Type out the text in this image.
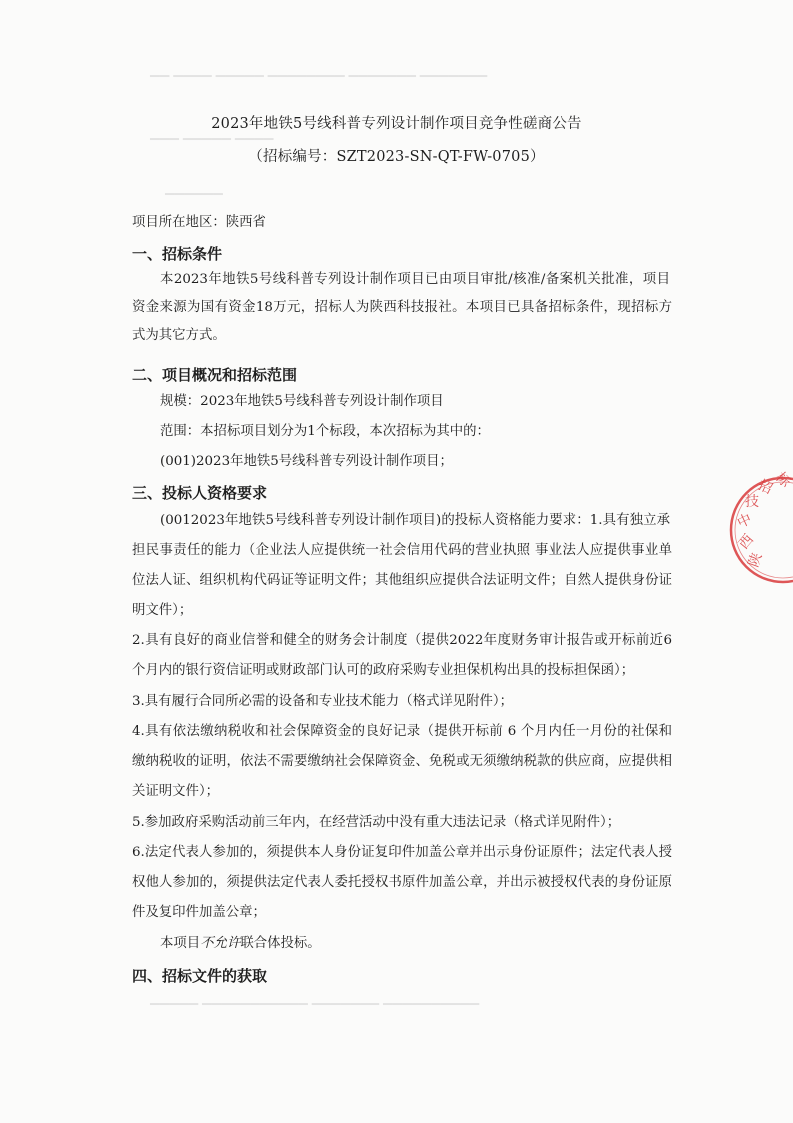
▁▁ ▁▁▁▁ ▁▁▁▁▁ ▁▁▁▁▁▁▁▁ ▁▁▁▁▁▁▁ ▁▁▁▁▁▁▁
▁▁▁ ▁▁▁▁▁ ▁▁▁▁
▁▁▁▁▁▁
2023年地铁5号线科普专列设计制作项目竞争性磋商公告
（招标编号：SZT2023-SN-QT-FW-0705）
项目所在地区：陕西省
一、招标条件
本2023年地铁5号线科普专列设计制作项目已由项目审批/核准/备案机关批准，项目
资金来源为国有资金18万元，招标人为陕西科技报社。本项目已具备招标条件，现招标方
式为其它方式。
二、项目概况和招标范围
规模：2023年地铁5号线科普专列设计制作项目
范围：本招标项目划分为1个标段，本次招标为其中的：
(001)2023年地铁5号线科普专列设计制作项目；
三、投标人资格要求
(0012023年地铁5号线科普专列设计制作项目)的投标人资格能力要求：1.具有独立承
担民事责任的能力（企业法人应提供统一社会信用代码的营业执照 事业法人应提供事业单
位法人证、组织机构代码证等证明文件；其他组织应提供合法证明文件；自然人提供身份证
明文件）；
2.具有良好的商业信誉和健全的财务会计制度（提供2022年度财务审计报告或开标前近6
个月内的银行资信证明或财政部门认可的政府采购专业担保机构出具的投标担保函）；
3.具有履行合同所必需的设备和专业技术能力（格式详见附件）；
4.具有依法缴纳税收和社会保障资金的良好记录（提供开标前 6 个月内任一月份的社保和
缴纳税收的证明，依法不需要缴纳社会保障资金、免税或无须缴纳税款的供应商，应提供相
关证明文件）；
5.参加政府采购活动前三年内，在经营活动中没有重大违法记录（格式详见附件）；
6.法定代表人参加的，须提供本人身份证复印件加盖公章并出示身份证原件；法定代表人授
权他人参加的，须提供法定代表人委托授权书原件加盖公章，并出示被授权代表的身份证原
件及复印件加盖公章；
本项目不允许联合体投标。
四、招标文件的获取
▁▁▁▁▁ ▁▁▁▁▁▁▁▁▁▁▁ ▁▁▁▁▁▁▁ ▁▁▁▁▁▁▁▁▁▁
陕
西
中
技
招
标
